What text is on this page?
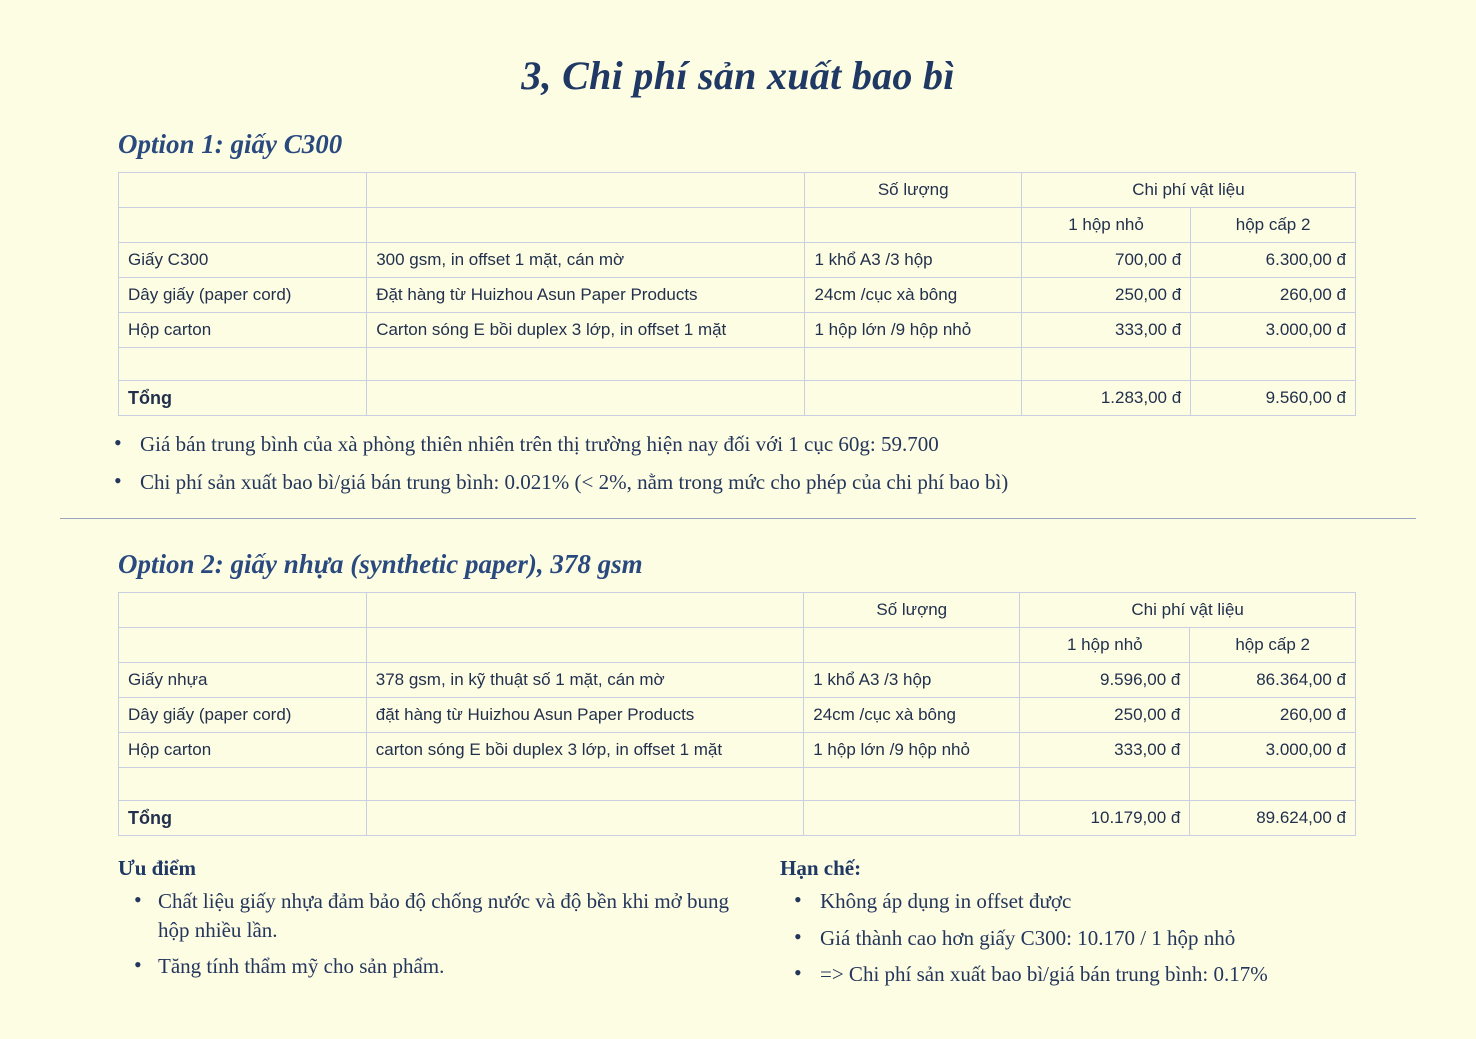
3, Chi phí sản xuất bao bì
Option 1: giấy C300
		Số lượng	Chi phí vật liệu	
			1 hộp nhỏ	hộp cấp 2
Giấy C300	300 gsm, in offset 1 mặt, cán mờ	1 khổ A3 /3 hộp	700,00 đ	6.300,00 đ
Dây giấy (paper cord)	Đặt hàng từ Huizhou Asun Paper Products	24cm /cục xà bông	250,00 đ	260,00 đ
Hộp carton	Carton sóng E bồi duplex 3 lớp, in offset 1 mặt	1 hộp lớn /9 hộp nhỏ	333,00 đ	3.000,00 đ

Tổng			1.283,00 đ	9.560,00 đ
• Giá bán trung bình của xà phòng thiên nhiên trên thị trường hiện nay đối với 1 cục 60g: 59.700
• Chi phí sản xuất bao bì/giá bán trung bình: 0.021% (< 2%, nằm trong mức cho phép của chi phí bao bì)
Option 2: giấy nhựa (synthetic paper), 378 gsm
		Số lượng	Chi phí vật liệu	
			1 hộp nhỏ	hộp cấp 2
Giấy nhựa	378 gsm, in kỹ thuật số 1 mặt, cán mờ	1 khổ A3 /3 hộp	9.596,00 đ	86.364,00 đ
Dây giấy (paper cord)	đặt hàng từ Huizhou Asun Paper Products	24cm /cục xà bông	250,00 đ	260,00 đ
Hộp carton	carton sóng E bồi duplex 3 lớp, in offset 1 mặt	1 hộp lớn /9 hộp nhỏ	333,00 đ	3.000,00 đ

Tổng			10.179,00 đ	89.624,00 đ
Ưu điểm
• Chất liệu giấy nhựa đảm bảo độ chống nước và độ bền khi mở bung hộp nhiều lần.
• Tăng tính thẩm mỹ cho sản phẩm.
Hạn chế:
• Không áp dụng in offset được
• Giá thành cao hơn giấy C300: 10.170 / 1 hộp nhỏ
• => Chi phí sản xuất bao bì/giá bán trung bình: 0.17%
